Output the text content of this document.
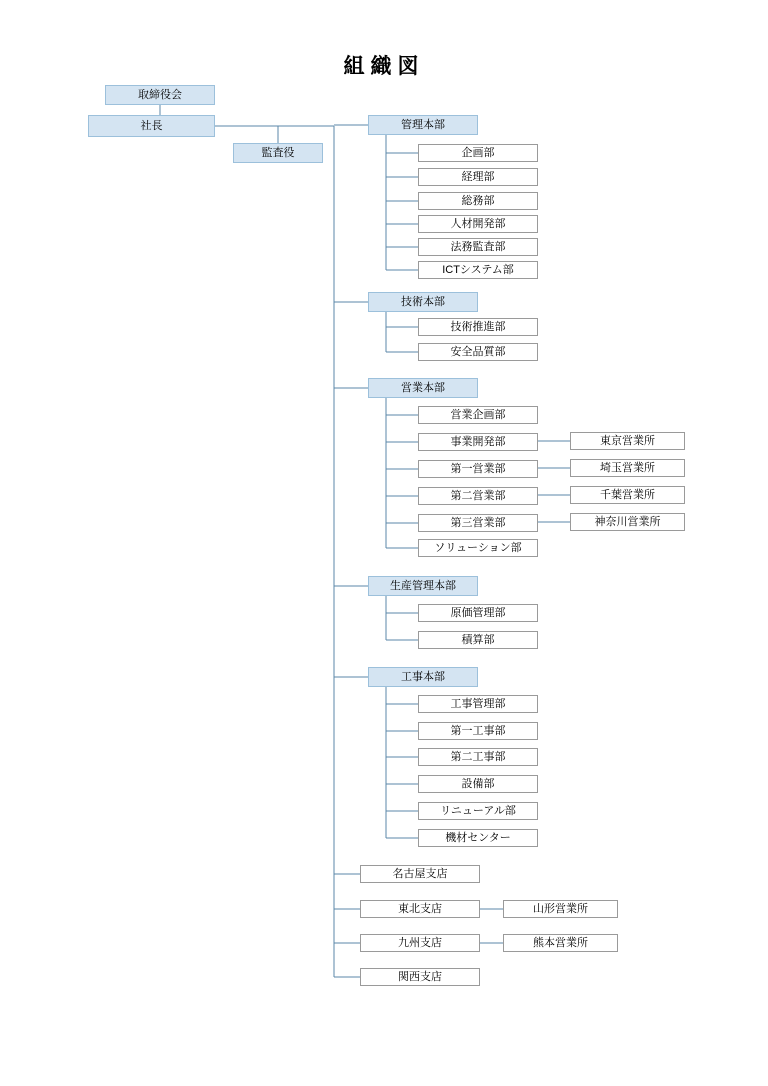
組織図
取締役会
社長
監査役
管理本部
企画部
経理部
総務部
人材開発部
法務監査部
ICTシステム部
技術本部
技術推進部
安全品質部
営業本部
営業企画部
事業開発部
第一営業部
第二営業部
第三営業部
ソリューション部
東京営業所
埼玉営業所
千葉営業所
神奈川営業所
生産管理本部
原価管理部
積算部
工事本部
工事管理部
第一工事部
第二工事部
設備部
リニューアル部
機材センター
名古屋支店
東北支店	山形営業所
九州支店	熊本営業所
関西支店
